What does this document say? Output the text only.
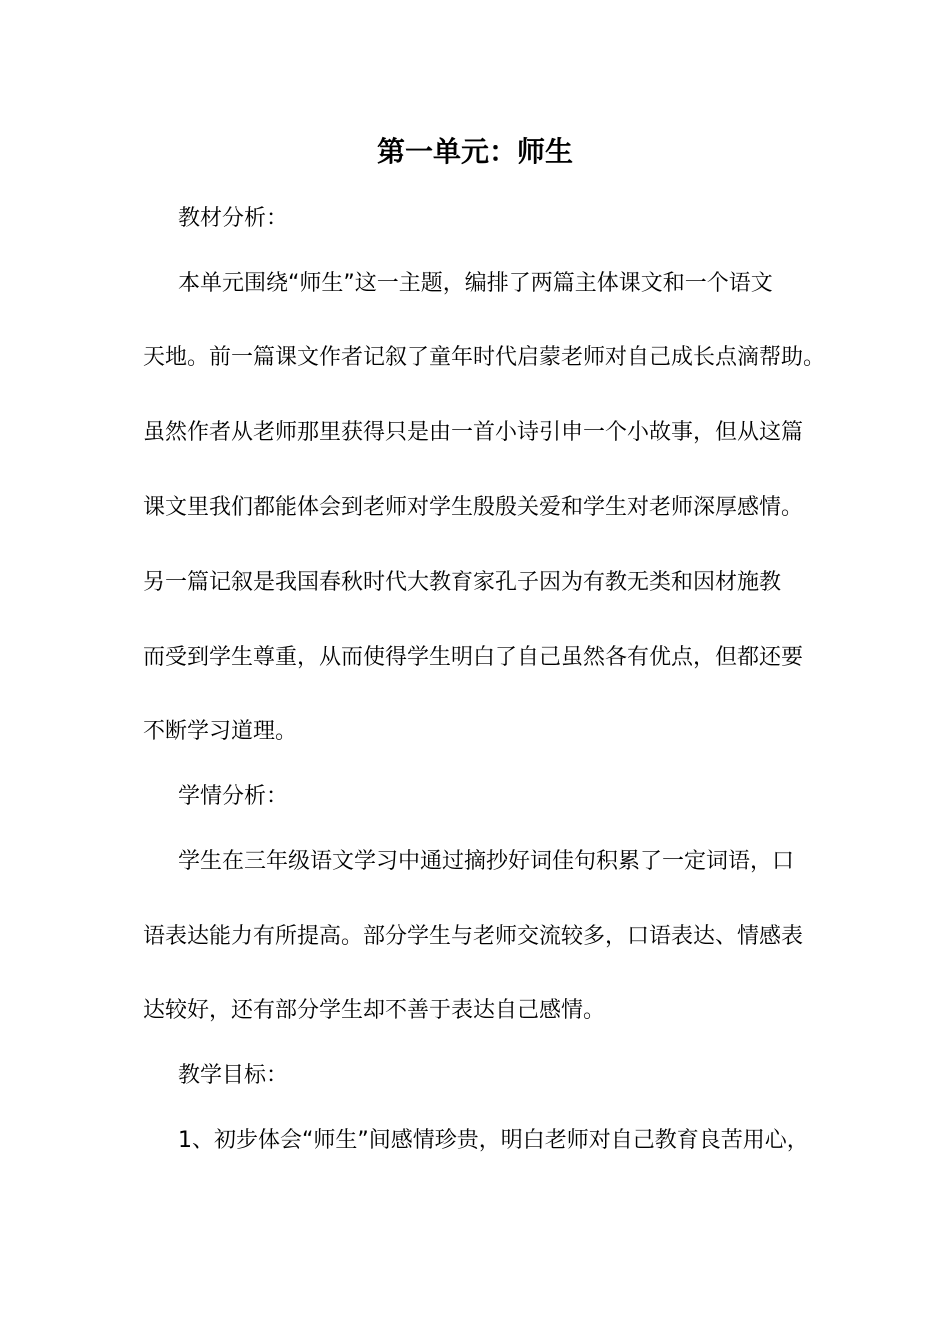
第一单元：师生
教材分析：
本单元围绕“师生”这一主题，编排了两篇主体课文和一个语文
天地。前一篇课文作者记叙了童年时代启蒙老师对自己成长点滴帮助。
虽然作者从老师那里获得只是由一首小诗引申一个小故事，但从这篇
课文里我们都能体会到老师对学生殷殷关爱和学生对老师深厚感情。
另一篇记叙是我国春秋时代大教育家孔子因为有教无类和因材施教
而受到学生尊重，从而使得学生明白了自己虽然各有优点，但都还要
不断学习道理。
学情分析：
学生在三年级语文学习中通过摘抄好词佳句积累了一定词语，口
语表达能力有所提高。部分学生与老师交流较多，口语表达、情感表
达较好，还有部分学生却不善于表达自己感情。
教学目标：
1、初步体会“师生”间感情珍贵，明白老师对自己教育良苦用心，
